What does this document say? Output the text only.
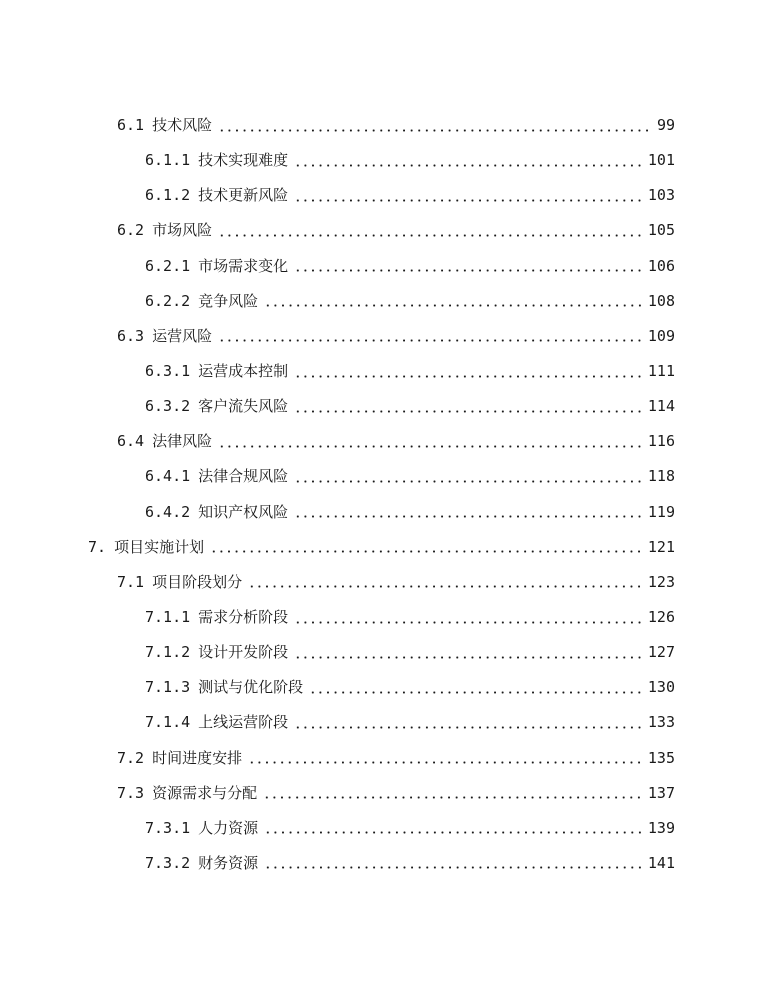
6.1 技术风险	99
6.1.1 技术实现难度	101
6.1.2 技术更新风险	103
6.2 市场风险	105
6.2.1 市场需求变化	106
6.2.2 竞争风险	108
6.3 运营风险	109
6.3.1 运营成本控制	111
6.3.2 客户流失风险	114
6.4 法律风险	116
6.4.1 法律合规风险	118
6.4.2 知识产权风险	119
7. 项目实施计划	121
7.1 项目阶段划分	123
7.1.1 需求分析阶段	126
7.1.2 设计开发阶段	127
7.1.3 测试与优化阶段	130
7.1.4 上线运营阶段	133
7.2 时间进度安排	135
7.3 资源需求与分配	137
7.3.1 人力资源	139
7.3.2 财务资源	141
